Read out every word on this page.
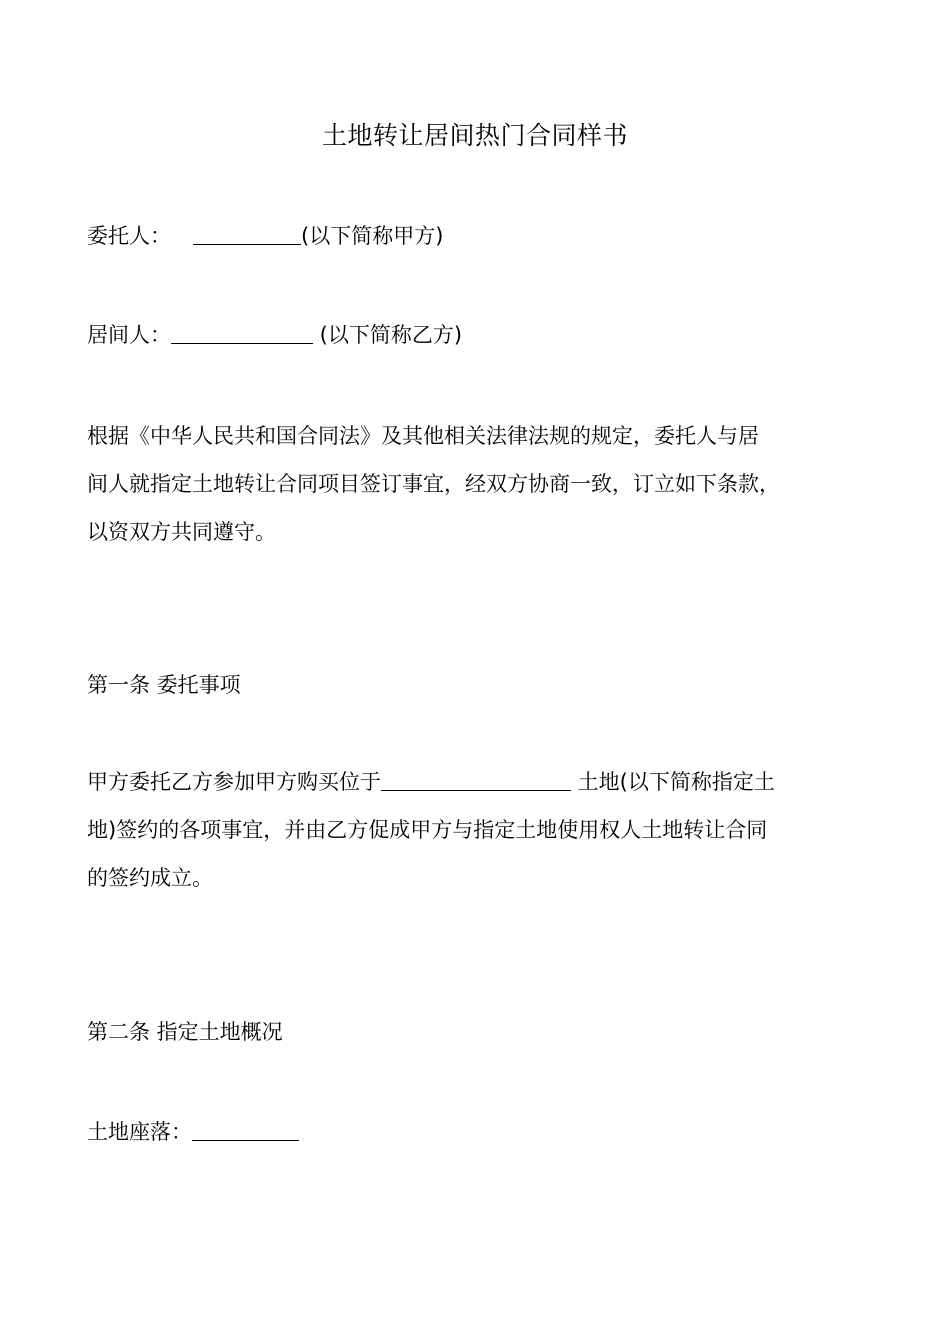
土地转让居间热门合同样书
委托人：	(以下简称甲方)
居间人：	(以下简称乙方)
根据《中华人民共和国合同法》及其他相关法律法规的规定，委托人与居
间人就指定土地转让合同项目签订事宜，经双方协商一致，订立如下条款，
以资双方共同遵守。
第一条 委托事项
甲方委托乙方参加甲方购买位于	土地(以下简称指定土
地)签约的各项事宜，并由乙方促成甲方与指定土地使用权人土地转让合同
的签约成立。
第二条 指定土地概况
土地座落：
